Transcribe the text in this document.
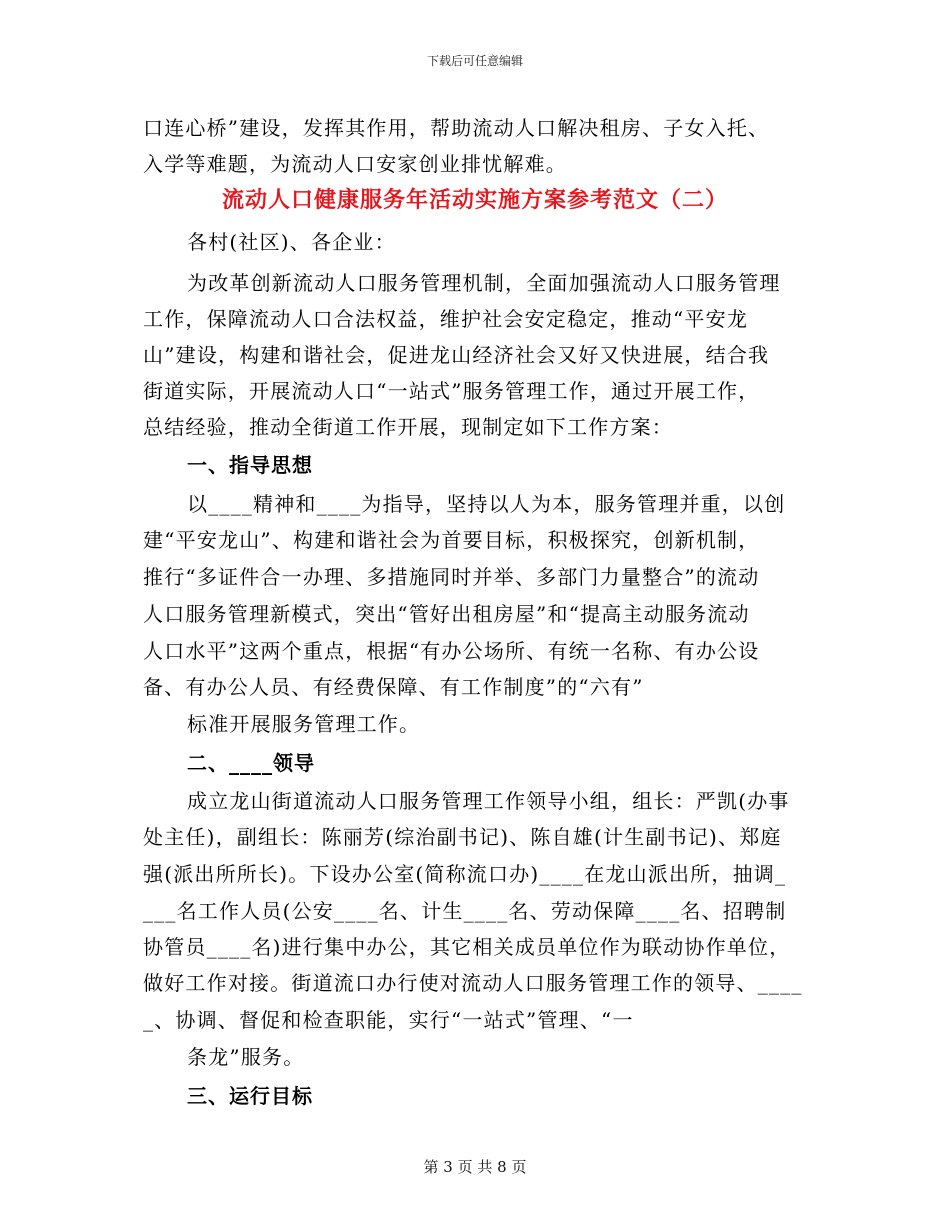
下载后可任意编辑
口连心桥”建设，发挥其作用，帮助流动人口解决租房、子女入托、
入学等难题，为流动人口安家创业排忧解难。
流动人口健康服务年活动实施方案参考范文（二）
各村(社区)、各企业：
为改革创新流动人口服务管理机制，全面加强流动人口服务管理
工作，保障流动人口合法权益，维护社会安定稳定，推动“平安龙
山”建设，构建和谐社会，促进龙山经济社会又好又快进展，结合我
街道实际，开展流动人口“一站式”服务管理工作，通过开展工作，
总结经验，推动全街道工作开展，现制定如下工作方案：
一、指导思想
以____精神和____为指导，坚持以人为本，服务管理并重，以创
建“平安龙山”、构建和谐社会为首要目标，积极探究，创新机制，
推行“多证件合一办理、多措施同时并举、多部门力量整合”的流动
人口服务管理新模式，突出“管好出租房屋”和“提高主动服务流动
人口水平”这两个重点，根据“有办公场所、有统一名称、有办公设
备、有办公人员、有经费保障、有工作制度”的“六有”
标准开展服务管理工作。
二、____领导
成立龙山街道流动人口服务管理工作领导小组，组长：严凯(办事
处主任)，副组长：陈丽芳(综治副书记)、陈自雄(计生副书记)、郑庭
强(派出所所长)。下设办公室(简称流口办)____在龙山派出所，抽调_
___名工作人员(公安____名、计生____名、劳动保障____名、招聘制
协管员____名)进行集中办公，其它相关成员单位作为联动协作单位，
做好工作对接。街道流口办行使对流动人口服务管理工作的领导、____
_、协调、督促和检查职能，实行“一站式”管理、“一
条龙”服务。
三、运行目标
第 3 页 共 8 页
